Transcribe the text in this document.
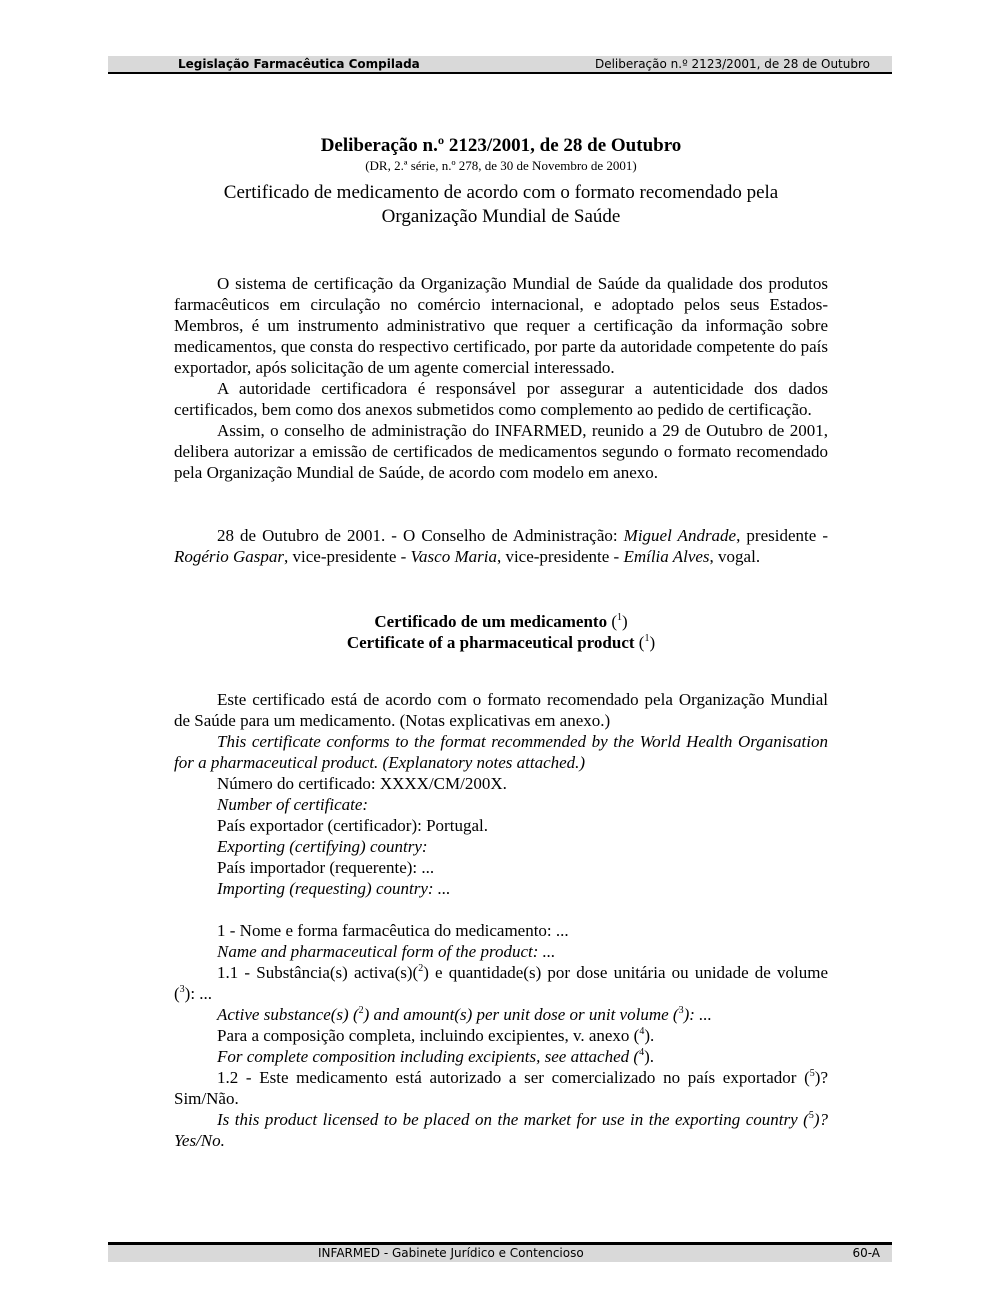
Legislação Farmacêutica Compilada	Deliberação n.º 2123/2001, de 28 de Outubro
Deliberação n.º 2123/2001, de 28 de Outubro
(DR, 2.ª série, n.º 278, de 30 de Novembro de 2001)
Certificado de medicamento de acordo com o formato recomendado pela Organização Mundial de Saúde

O sistema de certificação da Organização Mundial de Saúde da qualidade dos produtos farmacêuticos em circulação no comércio internacional, e adoptado pelos seus Estados-Membros, é um instrumento administrativo que requer a certificação da informação sobre medicamentos, que consta do respectivo certificado, por parte da autoridade competente do país exportador, após solicitação de um agente comercial interessado.

A autoridade certificadora é responsável por assegurar a autenticidade dos dados certificados, bem como dos anexos submetidos como complemento ao pedido de certificação.

Assim, o conselho de administração do INFARMED, reunido a 29 de Outubro de 2001, delibera autorizar a emissão de certificados de medicamentos segundo o formato recomendado pela Organização Mundial de Saúde, de acordo com modelo em anexo.

28 de Outubro de 2001. - O Conselho de Administração: Miguel Andrade, presidente - Rogério Gaspar, vice-presidente - Vasco Maria, vice-presidente - Emília Alves, vogal.

Certificado de um medicamento ($^1$)
Certificate of a pharmaceutical product ($^1$)

Este certificado está de acordo com o formato recomendado pela Organização Mundial de Saúde para um medicamento. (Notas explicativas em anexo.)

This certificate conforms to the format recommended by the World Health Organisation for a pharmaceutical product. (Explanatory notes attached.)

Número do certificado: XXXX/CM/200X.

Number of certificate:

País exportador (certificador): Portugal.

Exporting (certifying) country:

País importador (requerente): ...

Importing (requesting) country: ...

1 - Nome e forma farmacêutica do medicamento: ...

Name and pharmaceutical form of the product: ...

1.1 - Substância(s) activa(s)($^2$) e quantidade(s) por dose unitária ou unidade de volume ($^3$): ...

Active substance(s) ($^2$) and amount(s) per unit dose or unit volume ($^3$): ...

Para a composição completa, incluindo excipientes, v. anexo ($^4$).

For complete composition including excipients, see attached ($^4$).

1.2 - Este medicamento está autorizado a ser comercializado no país exportador ($^5$)? Sim/Não.

Is this product licensed to be placed on the market for use in the exporting country ($^5$)? Yes/No.

INFARMED - Gabinete Jurídico e Contencioso	60-A
